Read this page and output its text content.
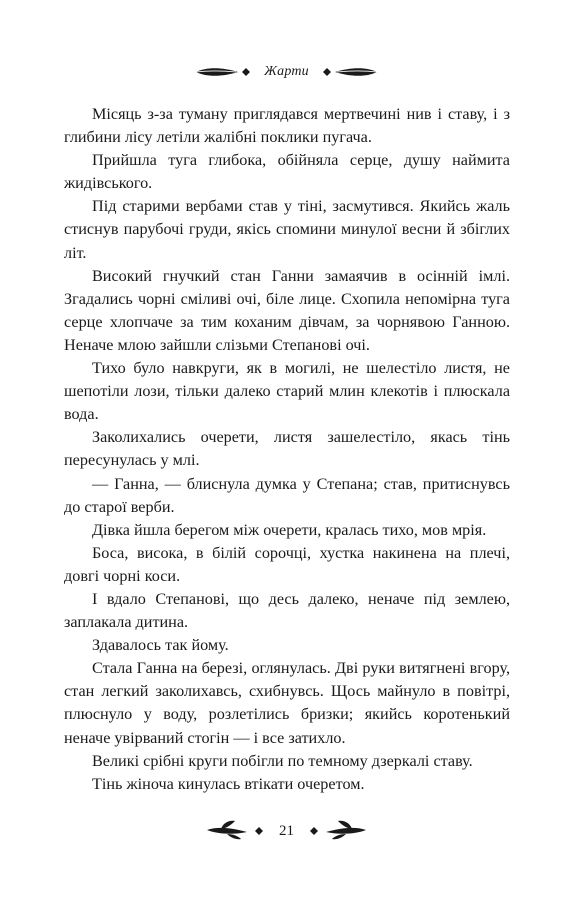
Жарти

Місяць з-за туману приглядався мертвечині нив і ставу, і з глибини лісу летіли жалібні поклики пугача.

Прийшла туга глибока, обійняла серце, душу наймита жидівського.

Під старими вербами став у тіні, засмутився. Якийсь жаль стиснув парубочі груди, якісь спомини минулої весни й збіглих літ.

Високий гнучкий стан Ганни замаячив в осінній імлі. Згадались чорні сміливі очі, біле лице. Схопила непомірна туга серце хлопчаче за тим коханим дівчам, за чорнявою Ганною. Неначе млою зайшли слізьми Степанові очі.

Тихо було навкруги, як в могилі, не шелестіло листя, не шепотіли лози, тільки далеко старий млин клекотів і плюскала вода.

Заколихались очерети, листя зашелестіло, якась тінь пересунулась у млі.

— Ганна, — блиснула думка у Степана; став, притиснувсь до старої верби.

Дівка йшла берегом між очерети, кралась тихо, мов мрія.

Боса, висока, в білій сорочці, хустка накинена на плечі, довгі чорні коси.

І вдало Степанові, що десь далеко, неначе під землею, заплакала дитина.

Здавалось так йому.

Стала Ганна на березі, оглянулась. Дві руки витягнені вгору, стан легкий заколихавсь, схибнувсь. Щось майнуло в повітрі, плюснуло у воду, розлетілись бризки; якийсь коротенький неначе увірваний стогін — і все затихло.

Великі срібні круги побігли по темному дзеркалі ставу.

Тінь жіноча кинулась втікати очеретом.

21
